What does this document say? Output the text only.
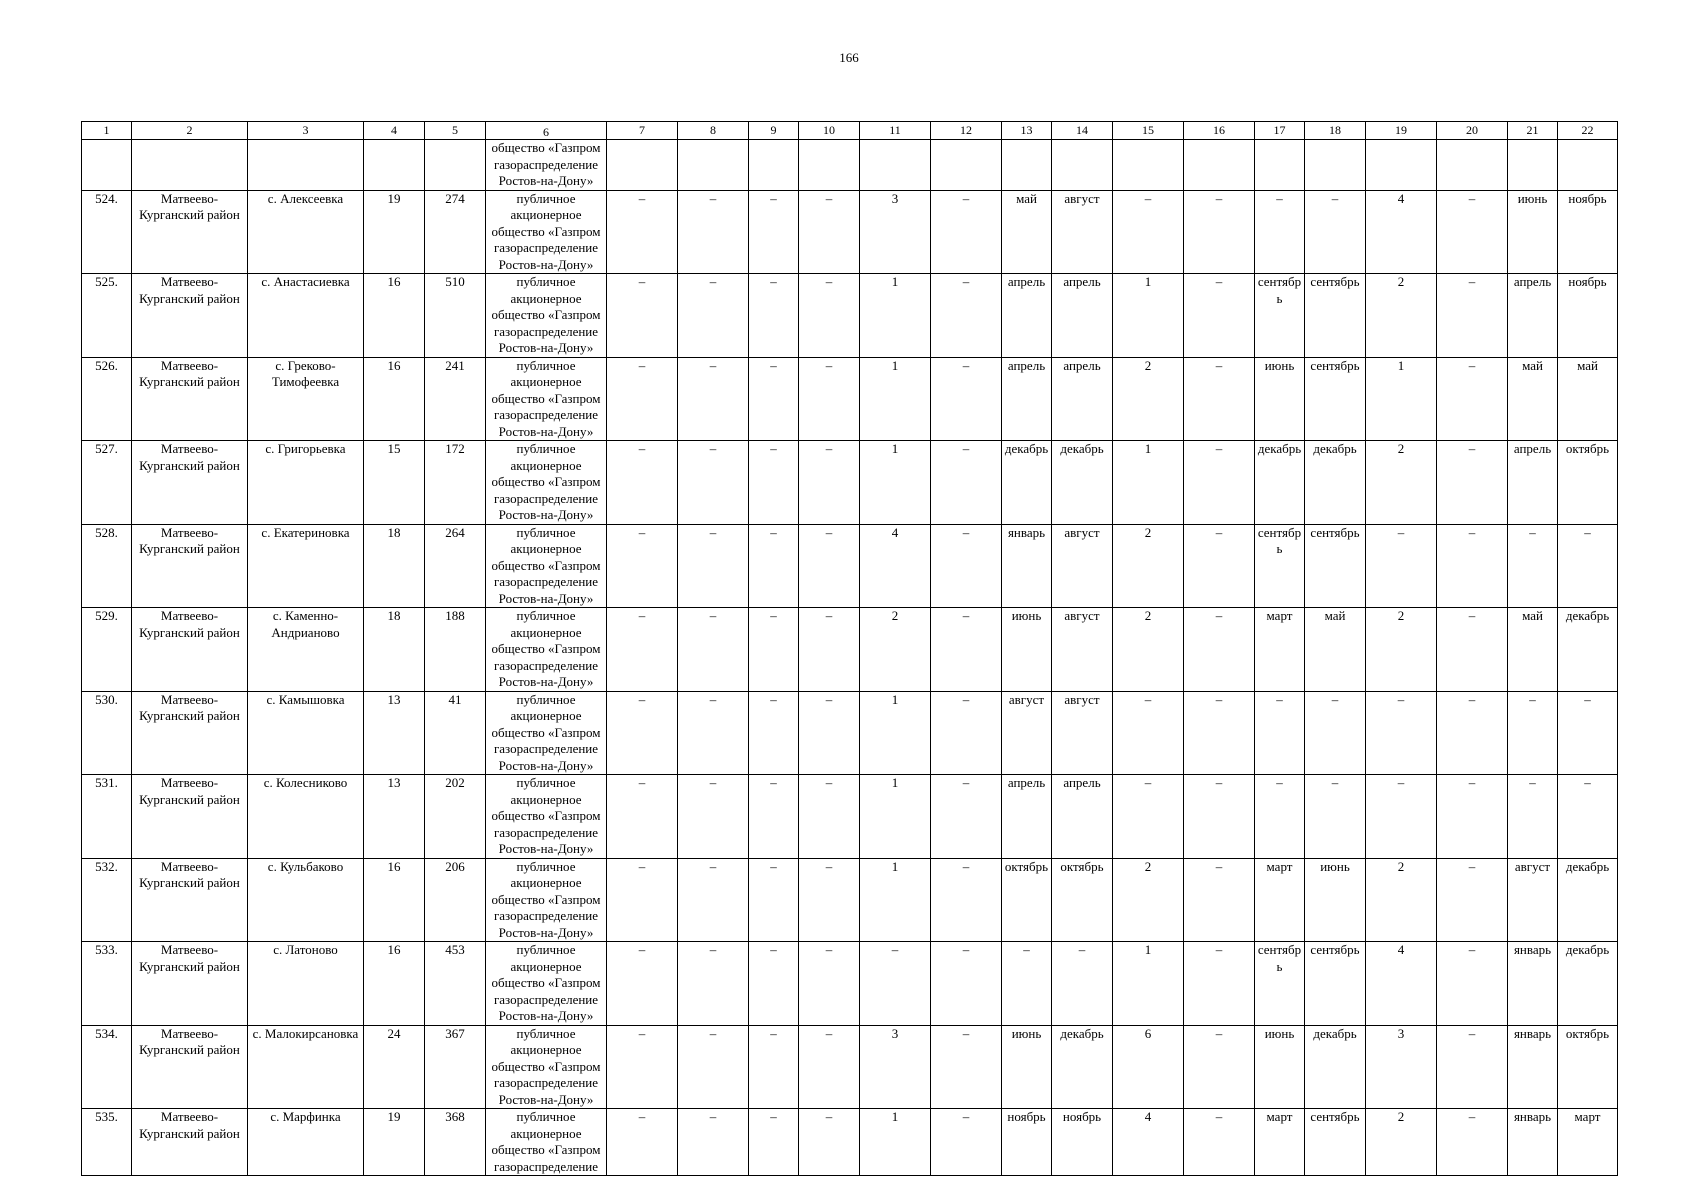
166
1	2	3	4	5	6	7	8	9	10	11	12	13	14	15	16	17	18	19	20	21	22
					общество «Газпром газораспределение Ростов-на-Дону»																
524.	Матвеево-Курганский район	с. Алексеевка	19	274	публичное акционерное общество «Газпром газораспределение Ростов-на-Дону»	–	–	–	–	3	–	май	август	–	–	–	–	4	–	июнь	ноябрь
525.	Матвеево-Курганский район	с. Анастасиевка	16	510	публичное акционерное общество «Газпром газораспределение Ростов-на-Дону»	–	–	–	–	1	–	апрель	апрель	1	–	сентябрь	сентябрь	2	–	апрель	ноябрь
526.	Матвеево-Курганский район	с. Греково-Тимофеевка	16	241	публичное акционерное общество «Газпром газораспределение Ростов-на-Дону»	–	–	–	–	1	–	апрель	апрель	2	–	июнь	сентябрь	1	–	май	май
527.	Матвеево-Курганский район	с. Григорьевка	15	172	публичное акционерное общество «Газпром газораспределение Ростов-на-Дону»	–	–	–	–	1	–	декабрь	декабрь	1	–	декабрь	декабрь	2	–	апрель	октябрь
528.	Матвеево-Курганский район	с. Екатериновка	18	264	публичное акционерное общество «Газпром газораспределение Ростов-на-Дону»	–	–	–	–	4	–	январь	август	2	–	сентябрь	сентябрь	–	–	–	–
529.	Матвеево-Курганский район	с. Каменно-Андрианово	18	188	публичное акционерное общество «Газпром газораспределение Ростов-на-Дону»	–	–	–	–	2	–	июнь	август	2	–	март	май	2	–	май	декабрь
530.	Матвеево-Курганский район	с. Камышовка	13	41	публичное акционерное общество «Газпром газораспределение Ростов-на-Дону»	–	–	–	–	1	–	август	август	–	–	–	–	–	–	–	–
531.	Матвеево-Курганский район	с. Колесниково	13	202	публичное акционерное общество «Газпром газораспределение Ростов-на-Дону»	–	–	–	–	1	–	апрель	апрель	–	–	–	–	–	–	–	–
532.	Матвеево-Курганский район	с. Кульбаково	16	206	публичное акционерное общество «Газпром газораспределение Ростов-на-Дону»	–	–	–	–	1	–	октябрь	октябрь	2	–	март	июнь	2	–	август	декабрь
533.	Матвеево-Курганский район	с. Латоново	16	453	публичное акционерное общество «Газпром газораспределение Ростов-на-Дону»	–	–	–	–	–	–	–	–	1	–	сентябрь	сентябрь	4	–	январь	декабрь
534.	Матвеево-Курганский район	с. Малокирсановка	24	367	публичное акционерное общество «Газпром газораспределение Ростов-на-Дону»	–	–	–	–	3	–	июнь	декабрь	6	–	июнь	декабрь	3	–	январь	октябрь
535.	Матвеево-Курганский район	с. Марфинка	19	368	публичное акционерное общество «Газпром газораспределение	–	–	–	–	1	–	ноябрь	ноябрь	4	–	март	сентябрь	2	–	январь	март
